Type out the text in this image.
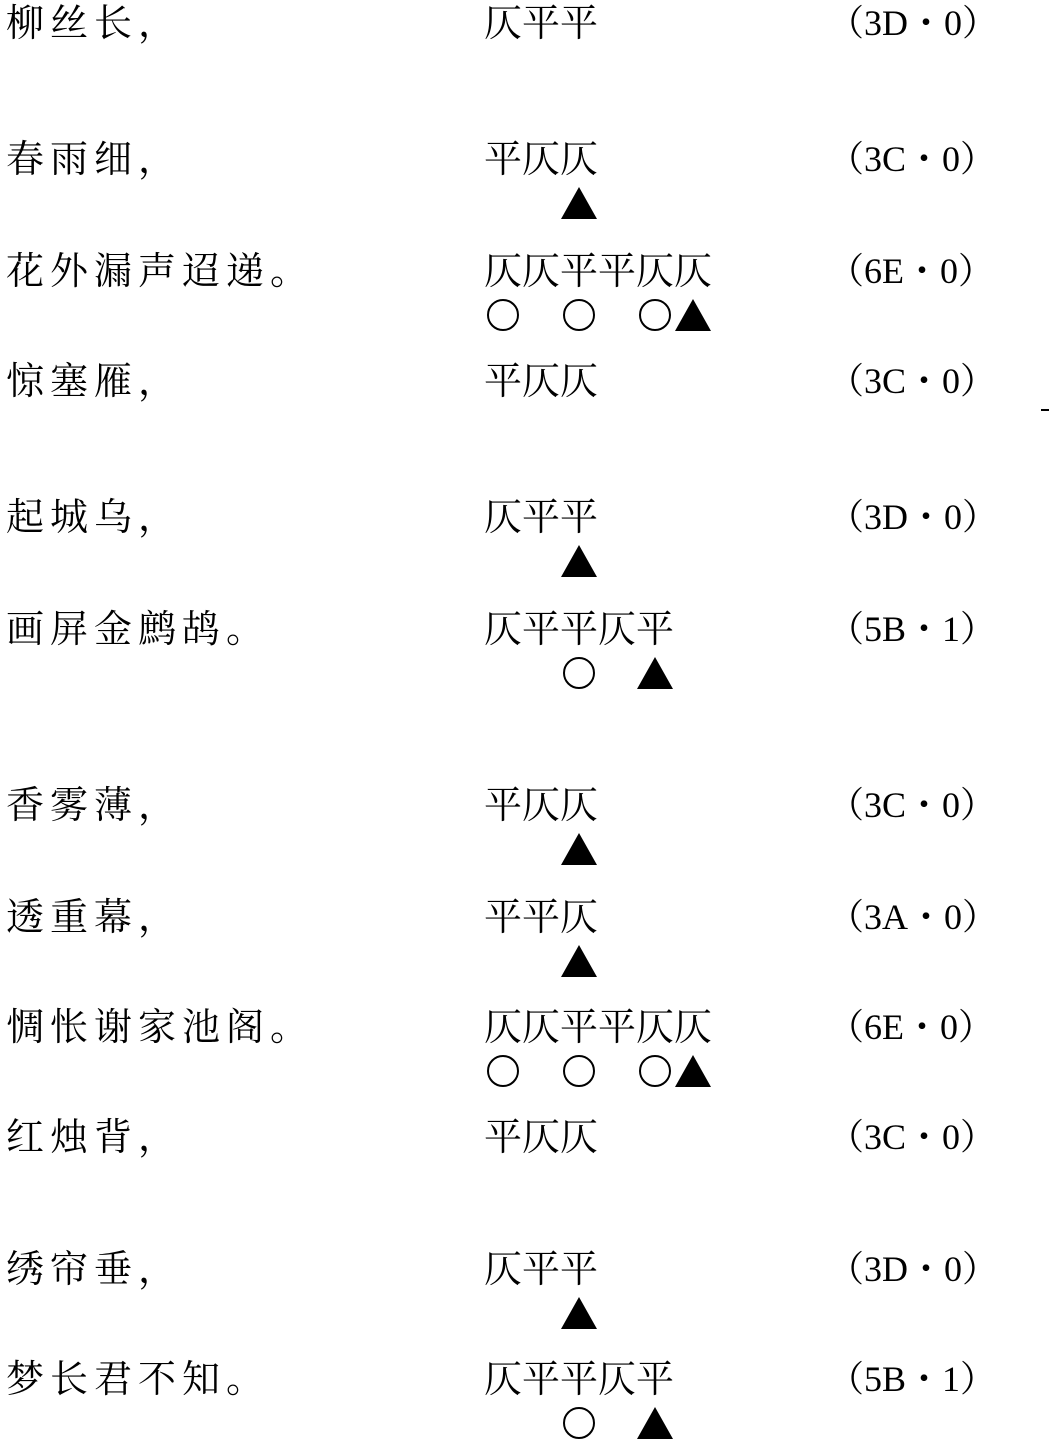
柳丝长，	仄平平	（3D・0）
春雨细，	平仄仄	（3C・0）
花外漏声迢递。	仄仄平平仄仄	（6E・0）
惊塞雁，	平仄仄	（3C・0）
起城乌，	仄平平	（3D・0）
画屏金鹧鸪。	仄平平仄平	（5B・1）
香雾薄，	平仄仄	（3C・0）
透重幕，	平平仄	（3A・0）
惆怅谢家池阁。	仄仄平平仄仄	（6E・0）
红烛背，	平仄仄	（3C・0）
绣帘垂，	仄平平	（3D・0）
梦长君不知。	仄平平仄平	（5B・1）
